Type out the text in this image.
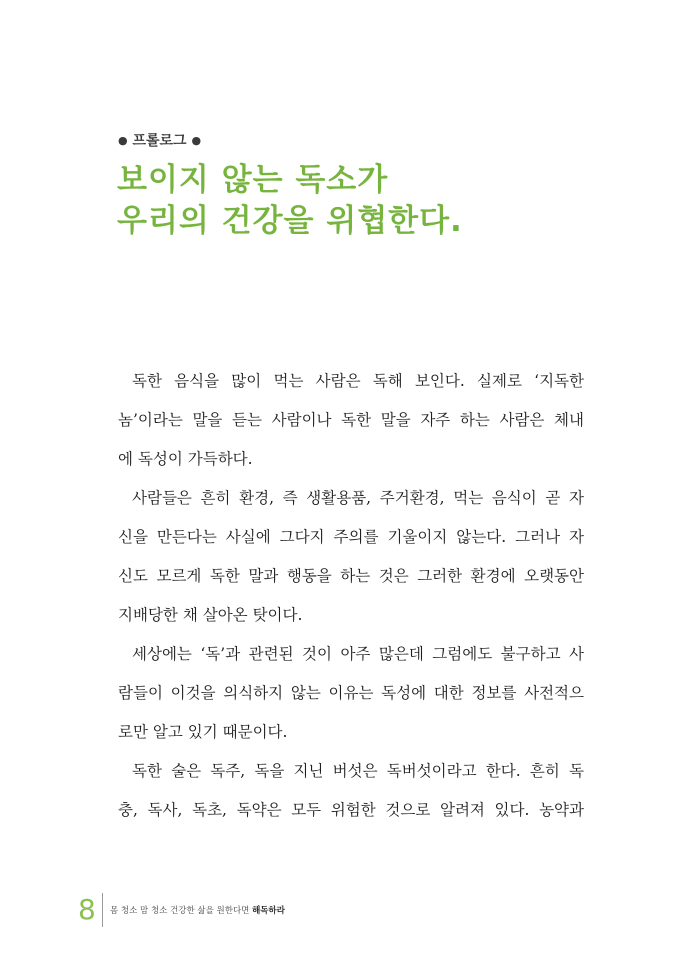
● 프롤로그 ●
보이지 않는 독소가
우리의 건강을 위협한다.

독한 음식을 많이 먹는 사람은 독해 보인다. 실제로 ‘지독한
놈’이라는 말을 듣는 사람이나 독한 말을 자주 하는 사람은 체내
에 독성이 가득하다.

사람들은 흔히 환경, 즉 생활용품, 주거환경, 먹는 음식이 곧 자
신을 만든다는 사실에 그다지 주의를 기울이지 않는다. 그러나 자
신도 모르게 독한 말과 행동을 하는 것은 그러한 환경에 오랫동안
지배당한 채 살아온 탓이다.

세상에는 ‘독’과 관련된 것이 아주 많은데 그럼에도 불구하고 사
람들이 이것을 의식하지 않는 이유는 독성에 대한 정보를 사전적으
로만 알고 있기 때문이다.

독한 술은 독주, 독을 지닌 버섯은 독버섯이라고 한다. 흔히 독
충, 독사, 독초, 독약은 모두 위험한 것으로 알려져 있다. 농약과

8 몸 청소 맘 청소 건강한 삶을 원한다면 해독하라
